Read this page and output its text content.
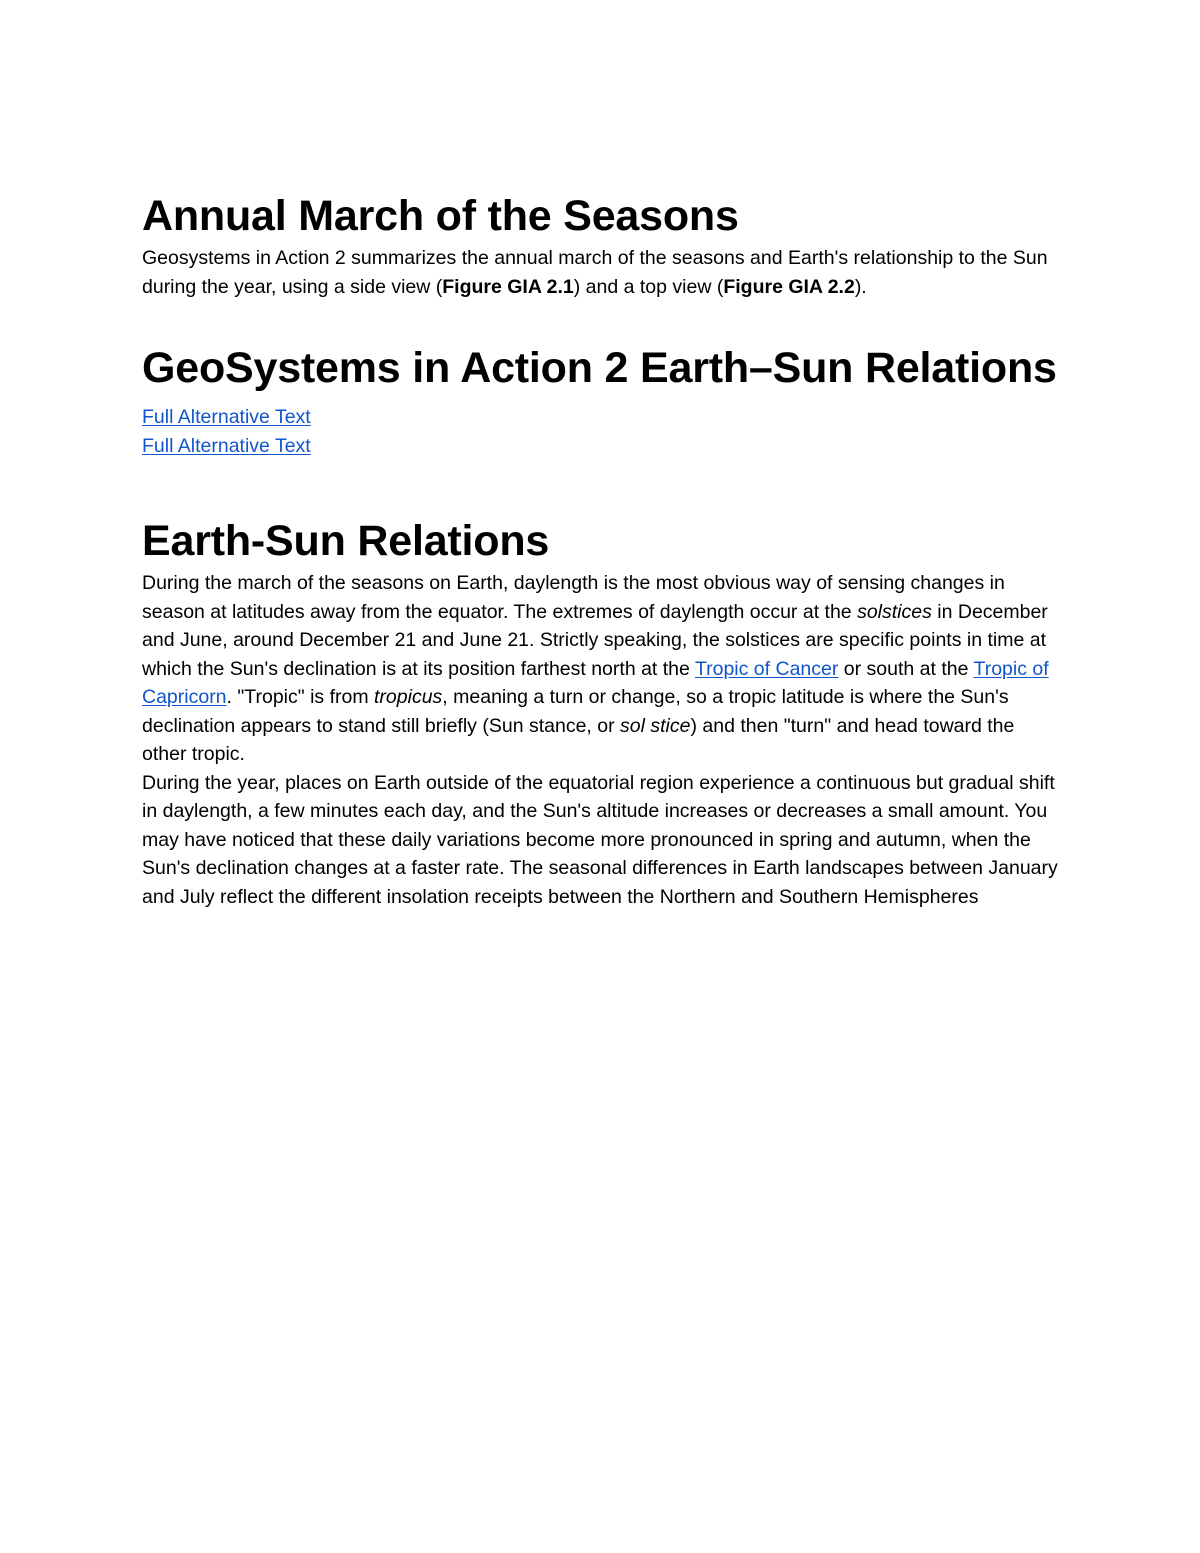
Annual March of the Seasons

Geosystems in Action 2 summarizes the annual march of the seasons and Earth's relationship to the Sun during the year, using a side view (Figure GIA 2.1) and a top view (Figure GIA 2.2).

GeoSystems in Action 2 Earth–Sun Relations
Full Alternative Text
Full Alternative Text
Earth-Sun Relations

During the march of the seasons on Earth, daylength is the most obvious way of sensing changes in season at latitudes away from the equator. The extremes of daylength occur at the solstices in December and June, around December 21 and June 21. Strictly speaking, the solstices are specific points in time at which the Sun's declination is at its position farthest north at the Tropic of Cancer or south at the Tropic of Capricorn. "Tropic" is from tropicus, meaning a turn or change, so a tropic latitude is where the Sun's declination appears to stand still briefly (Sun stance, or sol stice) and then "turn" and head toward the other tropic.

During the year, places on Earth outside of the equatorial region experience a continuous but gradual shift in daylength, a few minutes each day, and the Sun's altitude increases or decreases a small amount. You may have noticed that these daily variations become more pronounced in spring and autumn, when the Sun's declination changes at a faster rate. The seasonal differences in Earth landscapes between January and July reflect the different insolation receipts between the Northern and Southern Hemispheres
